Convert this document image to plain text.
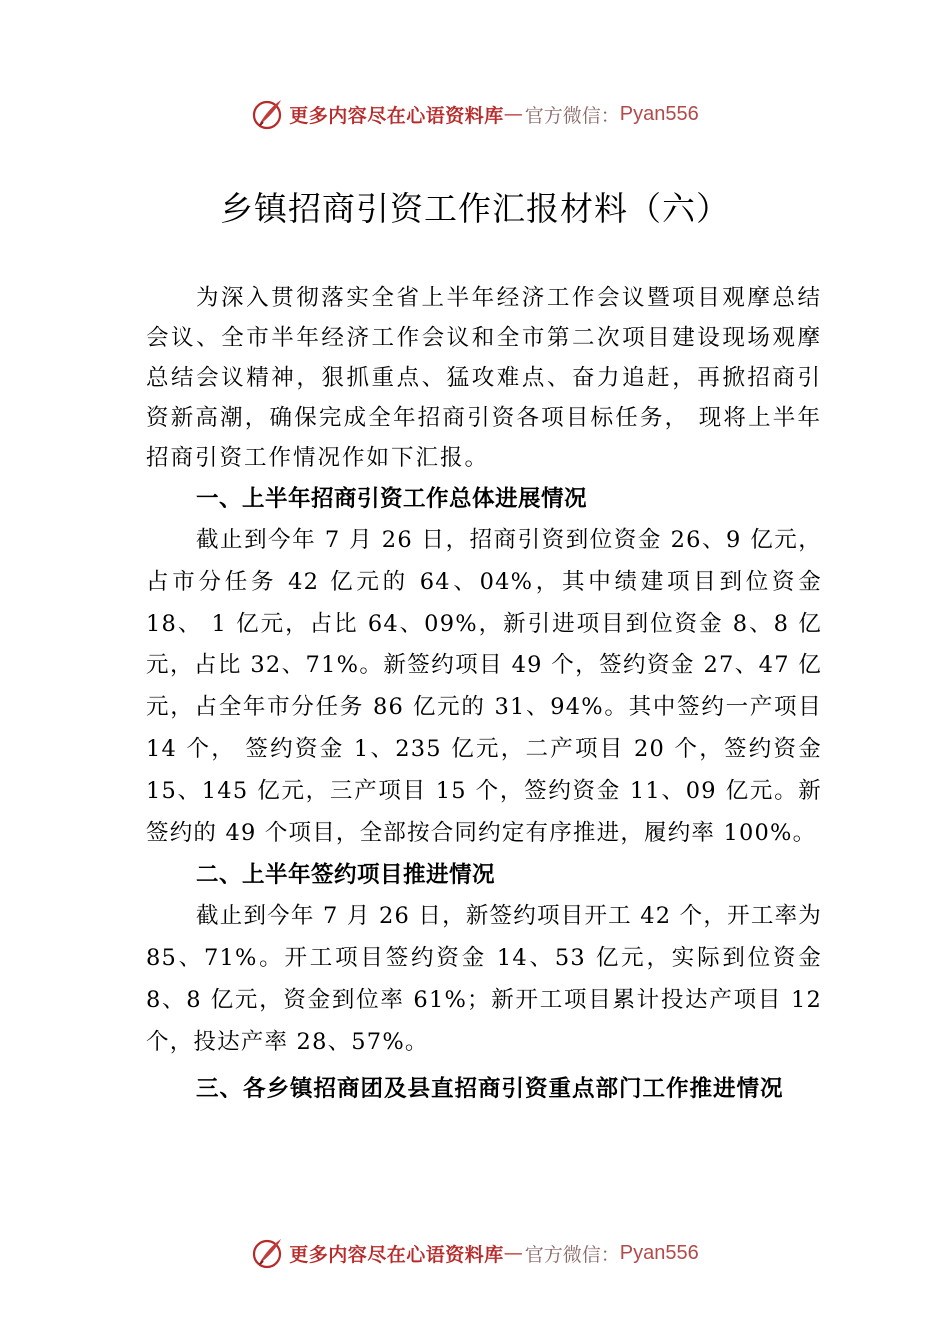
更多内容尽在心语资料库 — 官方微信： Pyan556
乡镇招商引资工作汇报材料（六）

为深入贯彻落实全省上半年经济工作会议暨项目观摩总结会议、全市半年经济工作会议和全市第二次项目建设现场观摩总结会议精神，狠抓重点、猛攻难点、奋力追赶，再掀招商引资新高潮，确保完成全年招商引资各项目标任务， 现将上半年招商引资工作情况作如下汇报。

一、上半年招商引资工作总体进展情况

截止到今年 7 月 26 日，招商引资到位资金 26、9 亿元， 占市分任务 42 亿元的 64、04%，其中绩建项目到位资金 18、 1 亿元，占比 64、09%，新引进项目到位资金 8、8 亿元，占比 32、71%。新签约项目 49 个，签约资金 27、47 亿元，占全年市分任务 86 亿元的 31、94%。其中签约一产项目 14 个， 签约资金 1、235 亿元，二产项目 20 个，签约资金 15、145 亿元，三产项目 15 个，签约资金 11、09 亿元。新签约的 49 个项目，全部按合同约定有序推进，履约率 100%。

二、上半年签约项目推进情况

截止到今年 7 月 26 日，新签约项目开工 42 个，开工率为 85、71%。开工项目签约资金 14、53 亿元，实际到位资金 8、8 亿元，资金到位率 61%；新开工项目累计投达产项目 12 个，投达产率 28、57%。

三、各乡镇招商团及县直招商引资重点部门工作推进情况
更多内容尽在心语资料库 — 官方微信： Pyan556
